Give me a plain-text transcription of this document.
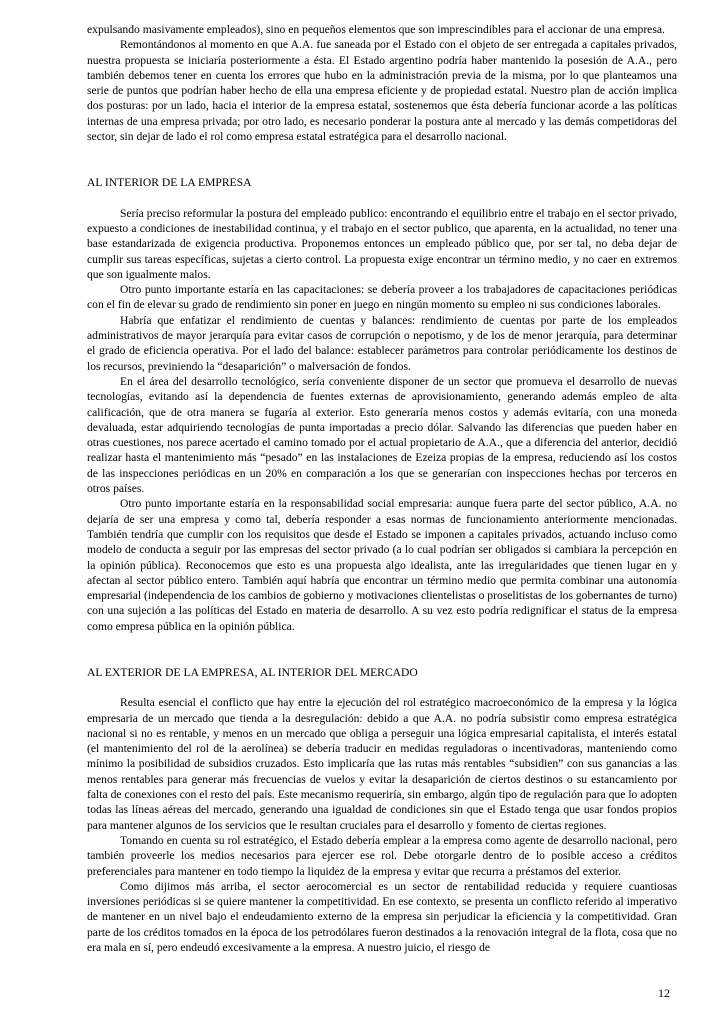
expulsando masivamente empleados), sino en pequeños elementos que son imprescindibles para el accionar de una empresa.

Remontándonos al momento en que A.A. fue saneada por el Estado con el objeto de ser entregada a capitales privados, nuestra propuesta se iniciaría posteriormente a ésta. El Estado argentino podría haber mantenido la posesión de A.A., pero también debemos tener en cuenta los errores que hubo en la administración previa de la misma, por lo que planteamos una serie de puntos que podrían haber hecho de ella una empresa eficiente y de propiedad estatal. Nuestro plan de acción implica dos posturas: por un lado, hacia el interior de la empresa estatal, sostenemos que ésta debería funcionar acorde a las políticas internas de una empresa privada; por otro lado, es necesario ponderar la postura ante al mercado y las demás competidoras del sector, sin dejar de lado el rol como empresa estatal estratégica para el desarrollo nacional.

AL INTERIOR DE LA EMPRESA

Sería preciso reformular la postura del empleado publico: encontrando el equilibrio entre el trabajo en el sector privado, expuesto a condiciones de inestabilidad continua, y el trabajo en el sector publico, que aparenta, en la actualidad, no tener una base estandarizada de exigencia productiva. Proponemos entonces un empleado público que, por ser tal, no deba dejar de cumplir sus tareas específicas, sujetas a cierto control. La propuesta exige encontrar un término medio, y no caer en extremos que son igualmente malos.

Otro punto importante estaría en las capacitaciones: se debería proveer a los trabajadores de capacitaciones periódicas con el fin de elevar su grado de rendimiento sin poner en juego en ningún momento su empleo ni sus condiciones laborales.

Habría que enfatizar el rendimiento de cuentas y balances: rendimiento de cuentas por parte de los empleados administrativos de mayor jerarquía para evitar casos de corrupción o nepotismo, y de los de menor jerarquía, para determinar el grado de eficiencia operativa. Por el lado del balance: establecer parámetros para controlar periódicamente los destinos de los recursos, previniendo la “desaparición” o malversación de fondos.

En el área del desarrollo tecnológico, sería conveniente disponer de un sector que promueva el desarrollo de nuevas tecnologías, evitando así la dependencia de fuentes externas de aprovisionamiento, generando además empleo de alta calificación, que de otra manera se fugaría al exterior. Esto generaría menos costos y además evitaría, con una moneda devaluada, estar adquiriendo tecnologías de punta importadas a precio dólar. Salvando las diferencias que pueden haber en otras cuestiones, nos parece acertado el camino tomado por el actual propietario de A.A., que a diferencia del anterior, decidió realizar hasta el mantenimiento más “pesado” en las instalaciones de Ezeiza propias de la empresa, reduciendo así los costos de las inspecciones periódicas en un 20% en comparación a los que se generarían con inspecciones hechas por terceros en otros países.

Otro punto importante estaría en la responsabilidad social empresaria: aunque fuera parte del sector público, A.A. no dejaría de ser una empresa y como tal, debería responder a esas normas de funcionamiento anteriormente mencionadas. También tendría que cumplir con los requisitos que desde el Estado se imponen a capitales privados, actuando incluso como modelo de conducta a seguir por las empresas del sector privado (a lo cual podrían ser obligados si cambiara la percepción en la opinión pública). Reconocemos que esto es una propuesta algo idealista, ante las irregularidades que tienen lugar en y afectan al sector público entero. También aquí habría que encontrar un término medio que permita combinar una autonomía empresarial (independencia de los cambios de gobierno y motivaciones clientelistas o proselitistas de los gobernantes de turno) con una sujeción a las políticas del Estado en materia de desarrollo. A su vez esto podría redignificar el status de la empresa como empresa pública en la opinión pública.

AL EXTERIOR DE LA EMPRESA, AL INTERIOR DEL MERCADO

Resulta esencial el conflicto que hay entre la ejecución del rol estratégico macroeconómico de la empresa y la lógica empresaria de un mercado que tienda a la desregulación: debido a que A.A. no podría subsistir como empresa estratégica nacional si no es rentable, y menos en un mercado que obliga a perseguir una lógica empresarial capitalista, el interés estatal (el mantenimiento del rol de la aerolínea) se debería traducir en medidas reguladoras o incentivadoras, manteniendo como mínimo la posibilidad de subsidios cruzados. Esto implicaría que las rutas más rentables “subsidien” con sus ganancias a las menos rentables para generar más frecuencias de vuelos y evitar la desaparición de ciertos destinos o su estancamiento por falta de conexiones con el resto del país. Este mecanismo requeriría, sin embargo, algún tipo de regulación para que lo adopten todas las líneas aéreas del mercado, generando una igualdad de condiciones sin que el Estado tenga que usar fondos propios para mantener algunos de los servicios que le resultan cruciales para el desarrollo y fomento de ciertas regiones.

Tomando en cuenta su rol estratégico, el Estado debería emplear a la empresa como agente de desarrollo nacional, pero también proveerle los medios necesarios para ejercer ese rol. Debe otorgarle dentro de lo posible acceso a créditos preferenciales para mantener en todo tiempo la liquidez de la empresa y evitar que recurra a préstamos del exterior.

Como dijimos más arriba, el sector aerocomercial es un sector de rentabilidad reducida y requiere cuantiosas inversiones periódicas si se quiere mantener la competitividad. En ese contexto, se presenta un conflicto referido al imperativo de mantener en un nivel bajo el endeudamiento externo de la empresa sin perjudicar la eficiencia y la competitividad. Gran parte de los créditos tomados en la época de los petrodólares fueron destinados a la renovación integral de la flota, cosa que no era mala en sí, pero endeudó excesivamente a la empresa. A nuestro juicio, el riesgo de

12
